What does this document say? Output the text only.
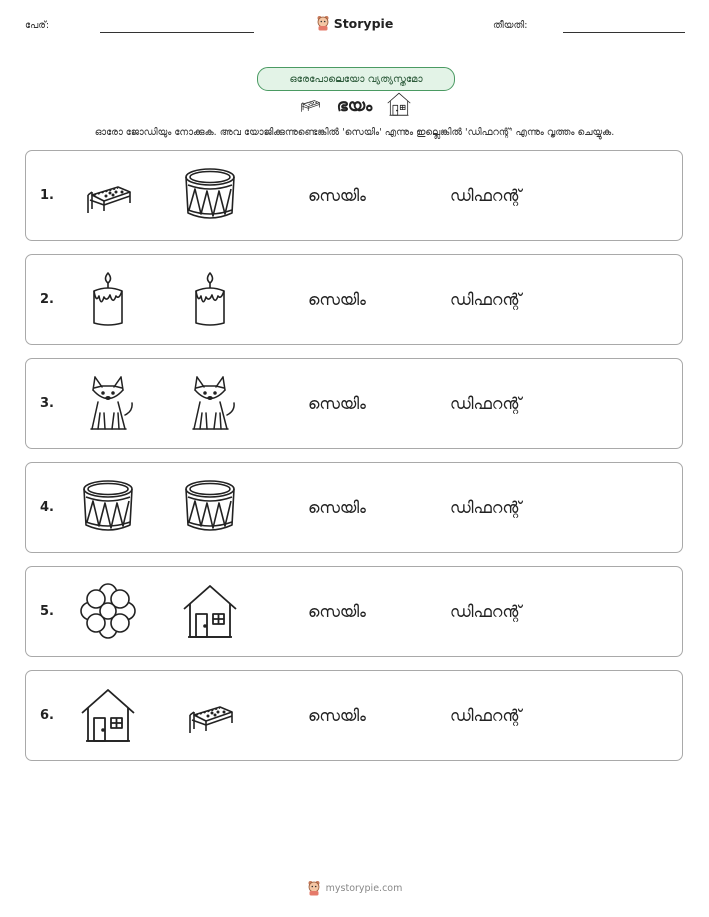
പേര്:	Storypie	തീയതി:
ഒരേപോലെയോ വ്യത്യസ്തമോ
ഭയം
ഓരോ ജോഡിയും നോക്കുക. അവ യോജിക്കുന്നുണ്ടെങ്കിൽ 'സെയിം' എന്നും ഇല്ലെങ്കിൽ 'ഡിഫറന്റ്' എന്നും വൃത്തം ചെയ്യുക.
1.	സെയിം	ഡിഫറന്റ്
2.	സെയിം	ഡിഫറന്റ്
3.	സെയിം	ഡിഫറന്റ്
4.	സെയിം	ഡിഫറന്റ്
5.	സെയിം	ഡിഫറന്റ്
6.	സെയിം	ഡിഫറന്റ്
mystorypie.com
